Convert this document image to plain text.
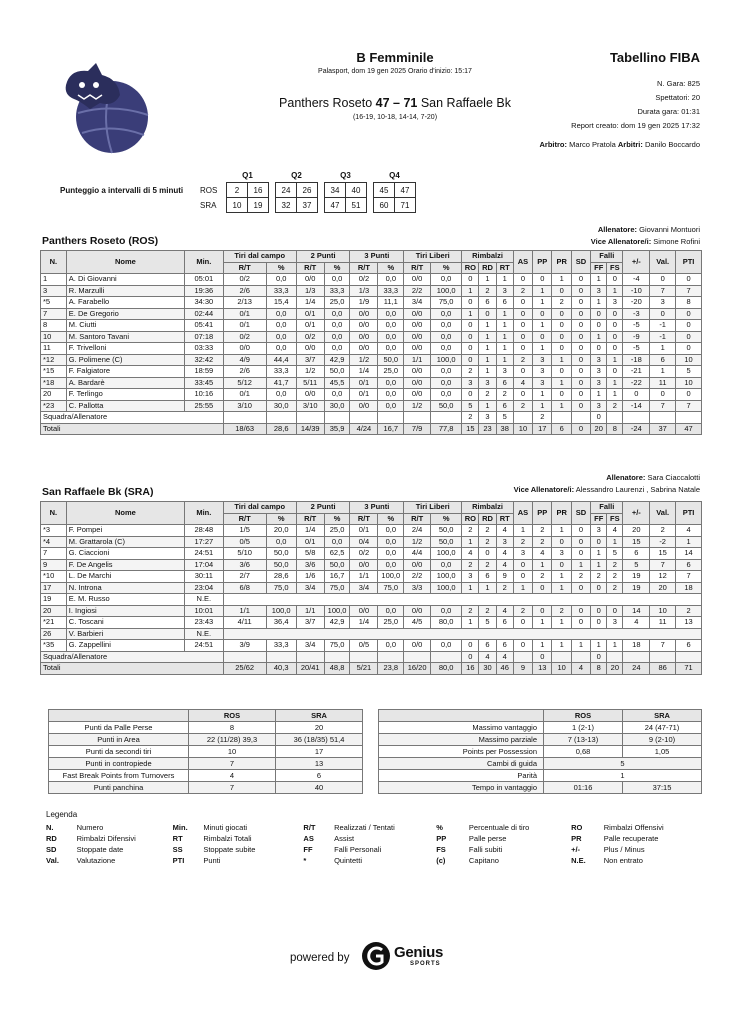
B Femminile
Palasport, dom 19 gen 2025 Orario d'inizio: 15:17
Panthers Roseto 47 – 71 San Raffaele Bk
(16-19, 10-18, 14-14, 7-20)
Tabellino FIBA
N. Gara: 825
Spettatori: 20
Durata gara: 01:31
Report creato: dom 19 gen 2025 17:32
Arbitro: Marco Pratola Arbitri: Danilo Boccardo
		Q1			Q2			Q3			Q4	
Punteggio a intervalli di 5 minuti	ROS	2	16		24	26		34	40		45	47
	SRA	10	19		32	37		47	51		60	71
Allenatore: Giovanni Montuori
Vice Allenatore/i: Simone Rofini
Panthers Roseto (ROS)
N.	Nome	Min.	Tiri dal campo		2 Punti		3 Punti		Tiri Liberi		Rimbalzi			AS	PP	PR	SD	Falli		+/-	Val.	PTI
			R/T	%	R/T	%	R/T	%	R/T	%	RO	RD	RT					FF	FS			
1	A. Di Giovanni	05:01	0/2	0,0	0/0	0,0	0/2	0,0	0/0	0,0	0	1	1	0	0	1	0	1	0	-4	0	0
3	R. Marzulli	19:36	2/6	33,3	1/3	33,3	1/3	33,3	2/2	100,0	1	2	3	2	1	0	0	3	1	-10	7	7
*5	A. Farabello	34:30	2/13	15,4	1/4	25,0	1/9	11,1	3/4	75,0	0	6	6	0	1	2	0	1	3	-20	3	8
7	E. De Gregorio	02:44	0/1	0,0	0/1	0,0	0/0	0,0	0/0	0,0	1	0	1	0	0	0	0	0	0	-3	0	0
8	M. Ciutti	05:41	0/1	0,0	0/1	0,0	0/0	0,0	0/0	0,0	0	1	1	0	1	0	0	0	0	-5	-1	0
10	M. Santoro Tavani	07:18	0/2	0,0	0/2	0,0	0/0	0,0	0/0	0,0	0	1	1	0	0	0	0	1	0	-9	-1	0
11	F. Trivelloni	03:33	0/0	0,0	0/0	0,0	0/0	0,0	0/0	0,0	0	1	1	0	1	0	0	0	0	-5	1	0
*12	G. Polimene (C)	32:42	4/9	44,4	3/7	42,9	1/2	50,0	1/1	100,0	0	1	1	2	3	1	0	3	1	-18	6	10
*15	F. Falgiatore	18:59	2/6	33,3	1/2	50,0	1/4	25,0	0/0	0,0	2	1	3	0	3	0	0	3	0	-21	1	5
*18	A. Bardarè	33:45	5/12	41,7	5/11	45,5	0/1	0,0	0/0	0,0	3	3	6	4	3	1	0	3	1	-22	11	10
20	F. Terlingo	10:16	0/1	0,0	0/0	0,0	0/1	0,0	0/0	0,0	0	2	2	0	1	0	0	1	1	0	0	0
*23	C. Pallotta	25:55	3/10	30,0	3/10	30,0	0/0	0,0	1/2	50,0	5	1	6	2	1	1	0	3	2	-14	7	7
Squadra/Allenatore											2	3	5		2			0				
Totali			18/63	28,6	14/39	35,9	4/24	16,7	7/9	77,8	15	23	38	10	17	6	0	20	8	-24	37	47
Allenatore: Sara Ciaccalotti
Vice Allenatore/i: Alessandro Laurenzi , Sabrina Natale
San Raffaele Bk (SRA)
N.	Nome	Min.	Tiri dal campo		2 Punti		3 Punti		Tiri Liberi		Rimbalzi			AS	PP	PR	SD	Falli		+/-	Val.	PTI
			R/T	%	R/T	%	R/T	%	R/T	%	RO	RD	RT					FF	FS			
*3	F. Pompei	28:48	1/5	20,0	1/4	25,0	0/1	0,0	2/4	50,0	2	2	4	1	2	1	0	3	4	20	2	4
*4	M. Grattarola (C)	17:27	0/5	0,0	0/1	0,0	0/4	0,0	1/2	50,0	1	2	3	2	2	0	0	0	1	15	-2	1
7	G. Ciaccioni	24:51	5/10	50,0	5/8	62,5	0/2	0,0	4/4	100,0	4	0	4	3	4	3	0	1	5	6	15	14
9	F. De Angelis	17:04	3/6	50,0	3/6	50,0	0/0	0,0	0/0	0,0	2	2	4	0	1	0	1	1	2	5	7	6
*10	L. De Marchi	30:11	2/7	28,6	1/6	16,7	1/1	100,0	2/2	100,0	3	6	9	0	2	1	2	2	2	19	12	7
17	N. Introna	23:04	6/8	75,0	3/4	75,0	3/4	75,0	3/3	100,0	1	1	2	1	0	1	0	0	2	19	20	18
19	E. M. Russo	N.E.																				
20	I. Ingiosi	10:01	1/1	100,0	1/1	100,0	0/0	0,0	0/0	0,0	2	2	4	2	0	2	0	0	0	14	10	2
*21	C. Toscani	23:43	4/11	36,4	3/7	42,9	1/4	25,0	4/5	80,0	1	5	6	0	1	1	0	0	3	4	11	13
26	V. Barbieri	N.E.																				
*35	G. Zappellini	24:51	3/9	33,3	3/4	75,0	0/5	0,0	0/0	0,0	0	6	6	0	1	1	1	1	1	18	7	6
Squadra/Allenatore											0	4	4		0			0				
Totali			25/62	40,3	20/41	48,8	5/21	23,8	16/20	80,0	16	30	46	9	13	10	4	8	20	24	86	71
	ROS	SRA
Punti da Palle Perse	8	20
Punti in Area	22 (11/28) 39,3	36 (18/35) 51,4
Punti da secondi tiri	10	17
Punti in contropiede	7	13
Fast Break Points from Turnovers	4	6
Punti panchina	7	40
	ROS	SRA
Massimo vantaggio	1 (2-1)	24 (47-71)
Massimo parziale	7 (13-13)	9 (2-10)
Points per Possession	0,68	1,05
Cambi di guida	5	
Parità	1	
Tempo in vantaggio	01:16	37:15
Legenda
N.	Numero	Min.	Minuti giocati	R/T	Realizzati / Tentati	%	Percentuale di tiro	RO	Rimbalzi Offensivi
RD	Rimbalzi Difensivi	RT	Rimbalzi Totali	AS	Assist	PP	Palle perse	PR	Palle recuperate
SD	Stoppate date	SS	Stoppate subite	FF	Falli Personali	FS	Falli subiti	+/-	Plus / Minus
Val.	Valutazione	PTI	Punti	*	Quintetti	(c)	Capitano	N.E.	Non entrato
powered by	Genius
SPORTS
